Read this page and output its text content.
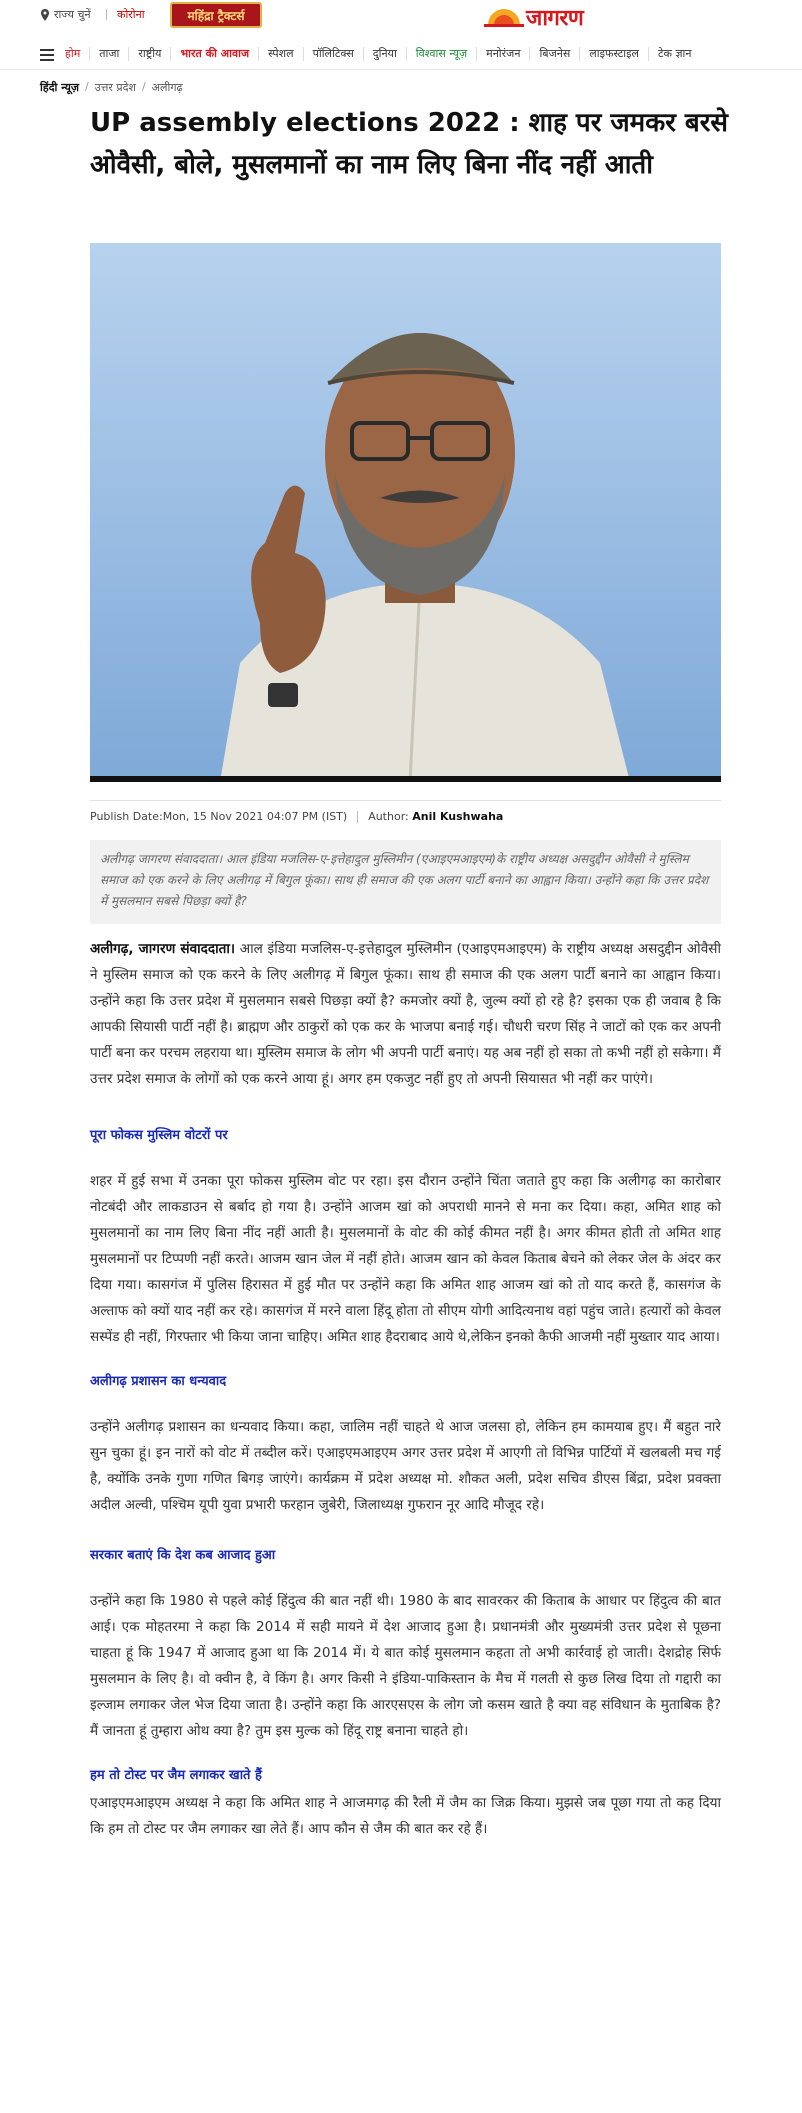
राज्य चुनें कोरोना	महिंद्रा ट्रैक्टर्स	जागरण
होम	ताजा	राष्ट्रीय	भारत की आवाज	स्पेशल	पॉलिटिक्स	दुनिया	विश्वास न्यूज़	मनोरंजन	बिजनेस	लाइफस्टाइल	टेक ज्ञान
हिंदी न्यूज़ / उत्तर प्रदेश / अलीगढ़
UP assembly elections 2022 : शाह पर जमकर बरसे ओवैसी, बोले, मुसलमानों का नाम लिए बिना नींद नहीं आती
Publish Date:Mon, 15 Nov 2021 04:07 PM (IST) Author: Anil Kushwaha
अलीगढ़ जागरण संवाददाता। आल इंडिया मजलिस-ए-इत्तेहादुल मुस्लिमीन (एआइएमआइएम)के राष्ट्रीय अध्यक्ष असदुद्दीन ओवैसी ने मुस्लिम समाज को एक करने के लिए अलीगढ़ में बिगुल फूंका। साथ ही समाज की एक अलग पार्टी बनाने का आह्वान किया। उन्होंने कहा कि उत्तर प्रदेश में मुसलमान सबसे पिछड़ा क्यों है?

अलीगढ़, जागरण संवाददाता। आल इंडिया मजलिस-ए-इत्तेहादुल मुस्लिमीन (एआइएमआइएम) के राष्ट्रीय अध्यक्ष असदुद्दीन ओवैसी ने मुस्लिम समाज को एक करने के लिए अलीगढ़ में बिगुल फूंका। साथ ही समाज की एक अलग पार्टी बनाने का आह्वान किया। उन्होंने कहा कि उत्तर प्रदेश में मुसलमान सबसे पिछड़ा क्यों है? कमजोर क्यों है, जुल्म क्यों हो रहे है? इसका एक ही जवाब है कि आपकी सियासी पार्टी नहीं है। ब्राह्मण और ठाकुरों को एक कर के भाजपा बनाई गई। चौधरी चरण सिंह ने जाटों को एक कर अपनी पार्टी बना कर परचम लहराया था। मुस्लिम समाज के लोग भी अपनी पार्टी बनाएं। यह अब नहीं हो सका तो कभी नहीं हो सकेगा। मैं उत्तर प्रदेश समाज के लोगों को एक करने आया हूं। अगर हम एकजुट नहीं हुए तो अपनी सियासत भी नहीं कर पाएंगे।

पूरा फोकस मुस्लिम वोटरों पर

शहर में हुई सभा में उनका पूरा फोकस मुस्लिम वोट पर रहा। इस दौरान उन्होंने चिंता जताते हुए कहा कि अलीगढ़ का कारोबार नोटबंदी और लाकडाउन से बर्बाद हो गया है। उन्होंने आजम खां को अपराधी मानने से मना कर दिया। कहा, अमित शाह को मुसलमानों का नाम लिए बिना नींद नहीं आती है। मुसलमानों के वोट की कोई कीमत नहीं है। अगर कीमत होती तो अमित शाह मुसलमानों पर टिप्पणी नहीं करते। आजम खान जेल में नहीं होते। आजम खान को केवल किताब बेचने को लेकर जेल के अंदर कर दिया गया। कासगंज में पुलिस हिरासत में हुई मौत पर उन्होंने कहा कि अमित शाह आजम खां को तो याद करते हैं, कासगंज के अल्ताफ को क्यों याद नहीं कर रहे। कासगंज में मरने वाला हिंदू होता तो सीएम योगी आदित्यनाथ वहां पहुंच जाते। हत्यारों को केवल सस्पेंड ही नहीं, गिरफ्तार भी किया जाना चाहिए। अमित शाह हैदराबाद आये थे,लेकिन इनको कैफी आजमी नहीं मुख्तार याद आया।

अलीगढ़ प्रशासन का धन्यवाद

उन्होंने अलीगढ़ प्रशासन का धन्यवाद किया। कहा, जालिम नहीं चाहते थे आज जलसा हो, लेकिन हम कामयाब हुए। मैं बहुत नारे सुन चुका हूं। इन नारों को वोट में तब्दील करें। एआइएमआइएम अगर उत्तर प्रदेश में आएगी तो विभिन्न पार्टियों में खलबली मच गई है, क्योंकि उनके गुणा गणित बिगड़ जाएंगे। कार्यक्रम में प्रदेश अध्यक्ष मो. शौकत अली, प्रदेश सचिव डीएस बिंद्रा, प्रदेश प्रवक्ता अदील अल्वी, पश्चिम यूपी युवा प्रभारी फरहान जुबेरी, जिलाध्यक्ष गुफरान नूर आदि मौजूद रहे।

सरकार बताएं कि देश कब आजाद हुआ

उन्होंने कहा कि 1980 से पहले कोई हिंदुत्व की बात नहीं थी। 1980 के बाद सावरकर की किताब के आधार पर हिंदुत्व की बात आई। एक मोहतरमा ने कहा कि 2014 में सही मायने में देश आजाद हुआ है। प्रधानमंत्री और मुख्यमंत्री उत्तर प्रदेश से पूछना चाहता हूं कि 1947 में आजाद हुआ था कि 2014 में। ये बात कोई मुसलमान कहता तो अभी कार्रवाई हो जाती। देशद्रोह सिर्फ मुसलमान के लिए है। वो क्वीन है, वे किंग है। अगर किसी ने इंडिया-पाकिस्तान के मैच में गलती से कुछ लिख दिया तो गद्दारी का इल्जाम लगाकर जेल भेज दिया जाता है। उन्होंने कहा कि आरएसएस के लोग जो कसम खाते है क्या वह संविधान के मुताबिक है? मैं जानता हूं तुम्हारा ओथ क्या है? तुम इस मुल्क को हिंदू राष्ट्र बनाना चाहते हो।

हम तो टोस्ट पर जैम लगाकर खाते हैं

एआइएमआइएम अध्यक्ष ने कहा कि अमित शाह ने आजमगढ़ की रैली में जैम का जिक्र किया। मुझसे जब पूछा गया तो कह दिया कि हम तो टोस्ट पर जैम लगाकर खा लेते हैं। आप कौन से जैम की बात कर रहे हैं।
